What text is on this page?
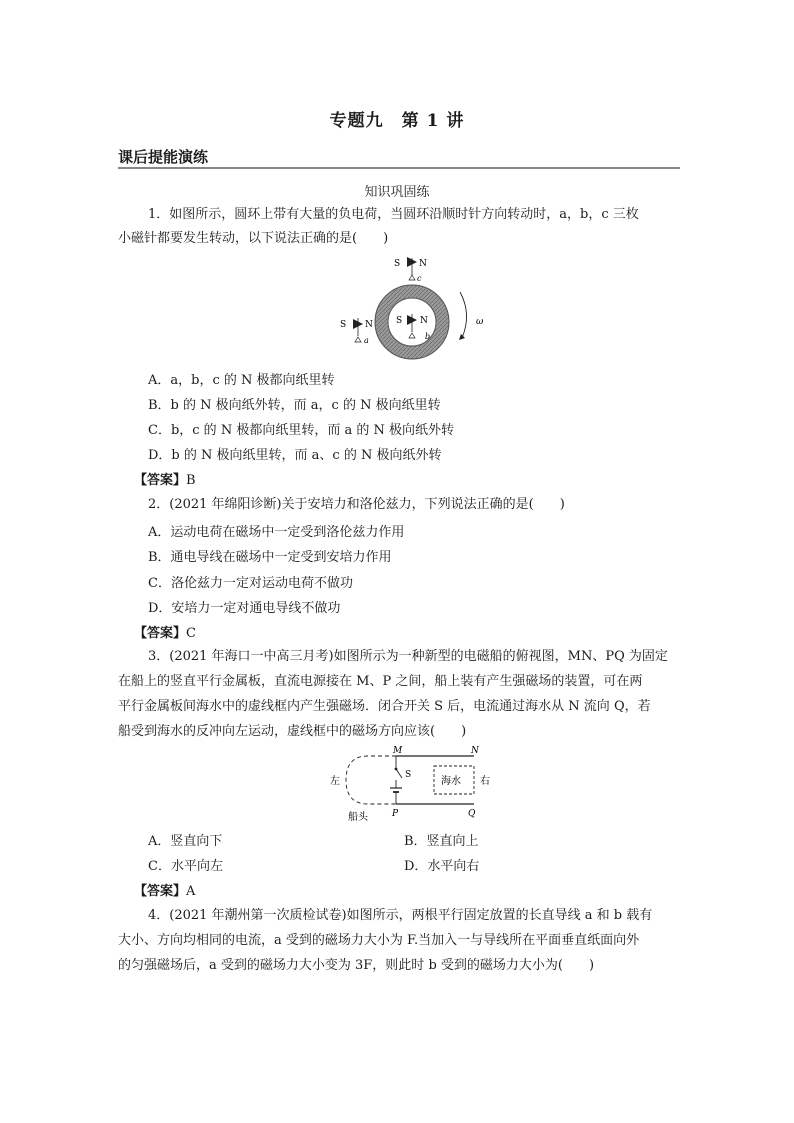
专题九　第 1 讲
课后提能演练
知识巩固练
1．如图所示，圆环上带有大量的负电荷，当圆环沿顺时针方向转动时，a，b，c 三枚
小磁针都要发生转动，以下说法正确的是(　　)
S N
c
S N
a
S N
b
ω
A．a，b，c 的 N 极都向纸里转
B．b 的 N 极向纸外转，而 a，c 的 N 极向纸里转
C．b，c 的 N 极都向纸里转，而 a 的 N 极向纸外转
D．b 的 N 极向纸里转，而 a、c 的 N 极向纸外转
【答案】B
2．(2021 年绵阳诊断)关于安培力和洛伦兹力，下列说法正确的是(　　)
A．运动电荷在磁场中一定受到洛伦兹力作用
B．通电导线在磁场中一定受到安培力作用
C．洛伦兹力一定对运动电荷不做功
D．安培力一定对通电导线不做功
【答案】C
3．(2021 年海口一中高三月考)如图所示为一种新型的电磁船的俯视图，MN、PQ 为固定
在船上的竖直平行金属板，直流电源接在 M、P 之间，船上装有产生强磁场的装置，可在两
平行金属板间海水中的虚线框内产生强磁场．闭合开关 S 后，电流通过海水从 N 流向 Q，若
船受到海水的反冲向左运动，虚线框中的磁场方向应该(　　)
海水
M	N
P	Q
S
左	右
船头
A．竖直向下	B．竖直向上
C．水平向左	D．水平向右
【答案】A
4．(2021 年潮州第一次质检试卷)如图所示，两根平行固定放置的长直导线 a 和 b 载有
大小、方向均相同的电流，a 受到的磁场力大小为 F.当加入一与导线所在平面垂直纸面向外
的匀强磁场后，a 受到的磁场力大小变为 3F，则此时 b 受到的磁场力大小为(　　)
